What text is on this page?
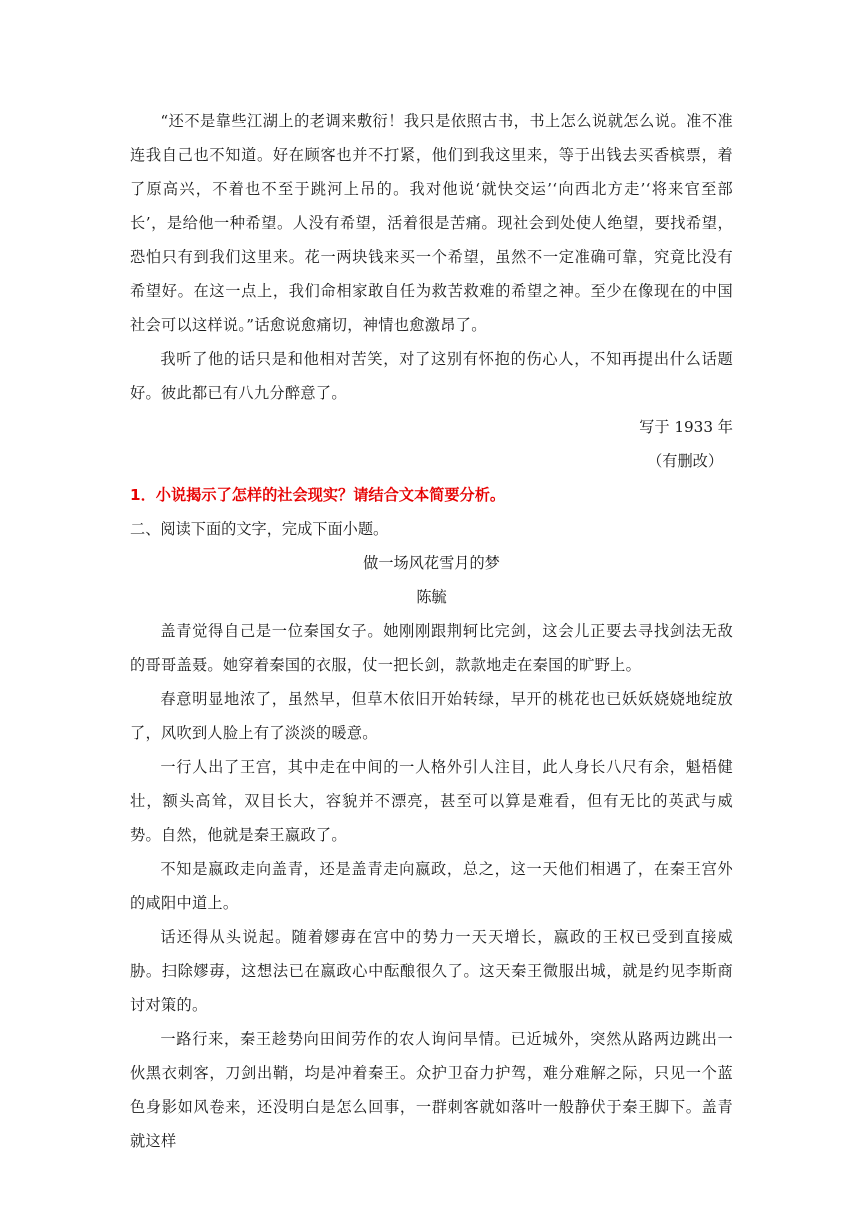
“还不是靠些江湖上的老调来敷衍！我只是依照古书，书上怎么说就怎么说。准不准连我自己也不知道。好在顾客也并不打紧，他们到我这里来，等于出钱去买香槟票，着了原高兴，不着也不至于跳河上吊的。我对他说‘就快交运’‘向西北方走’‘将来官至部长’，是给他一种希望。人没有希望，活着很是苦痛。现社会到处使人绝望，要找希望，恐怕只有到我们这里来。花一两块钱来买一个希望，虽然不一定准确可靠，究竟比没有希望好。在这一点上，我们命相家敢自任为救苦救难的希望之神。至少在像现在的中国社会可以这样说。”话愈说愈痛切，神情也愈激昂了。

我听了他的话只是和他相对苦笑，对了这别有怀抱的伤心人，不知再提出什么话题好。彼此都已有八九分醉意了。

写于 1933 年

（有删改）

1．小说揭示了怎样的社会现实？请结合文本简要分析。

二、阅读下面的文字，完成下面小题。

做一场风花雪月的梦

陈毓

盖青觉得自己是一位秦国女子。她刚刚跟荆轲比完剑，这会儿正要去寻找剑法无敌的哥哥盖聂。她穿着秦国的衣服，仗一把长剑，款款地走在秦国的旷野上。

春意明显地浓了，虽然早，但草木依旧开始转绿，早开的桃花也已妖妖娆娆地绽放了，风吹到人脸上有了淡淡的暖意。

一行人出了王宫，其中走在中间的一人格外引人注目，此人身长八尺有余，魁梧健壮，额头高耸，双目长大，容貌并不漂亮，甚至可以算是难看，但有无比的英武与威势。自然，他就是秦王嬴政了。

不知是嬴政走向盖青，还是盖青走向嬴政，总之，这一天他们相遇了，在秦王宫外的咸阳中道上。

话还得从头说起。随着嫪毐在宫中的势力一天天增长，嬴政的王权已受到直接威胁。扫除嫪毐，这想法已在嬴政心中酝酿很久了。这天秦王微服出城，就是约见李斯商讨对策的。

一路行来，秦王趁势向田间劳作的农人询问旱情。已近城外，突然从路两边跳出一伙黑衣刺客，刀剑出鞘，均是冲着秦王。众护卫奋力护驾，难分难解之际，只见一个蓝色身影如风卷来，还没明白是怎么回事，一群刺客就如落叶一般静伏于秦王脚下。盖青就这样
